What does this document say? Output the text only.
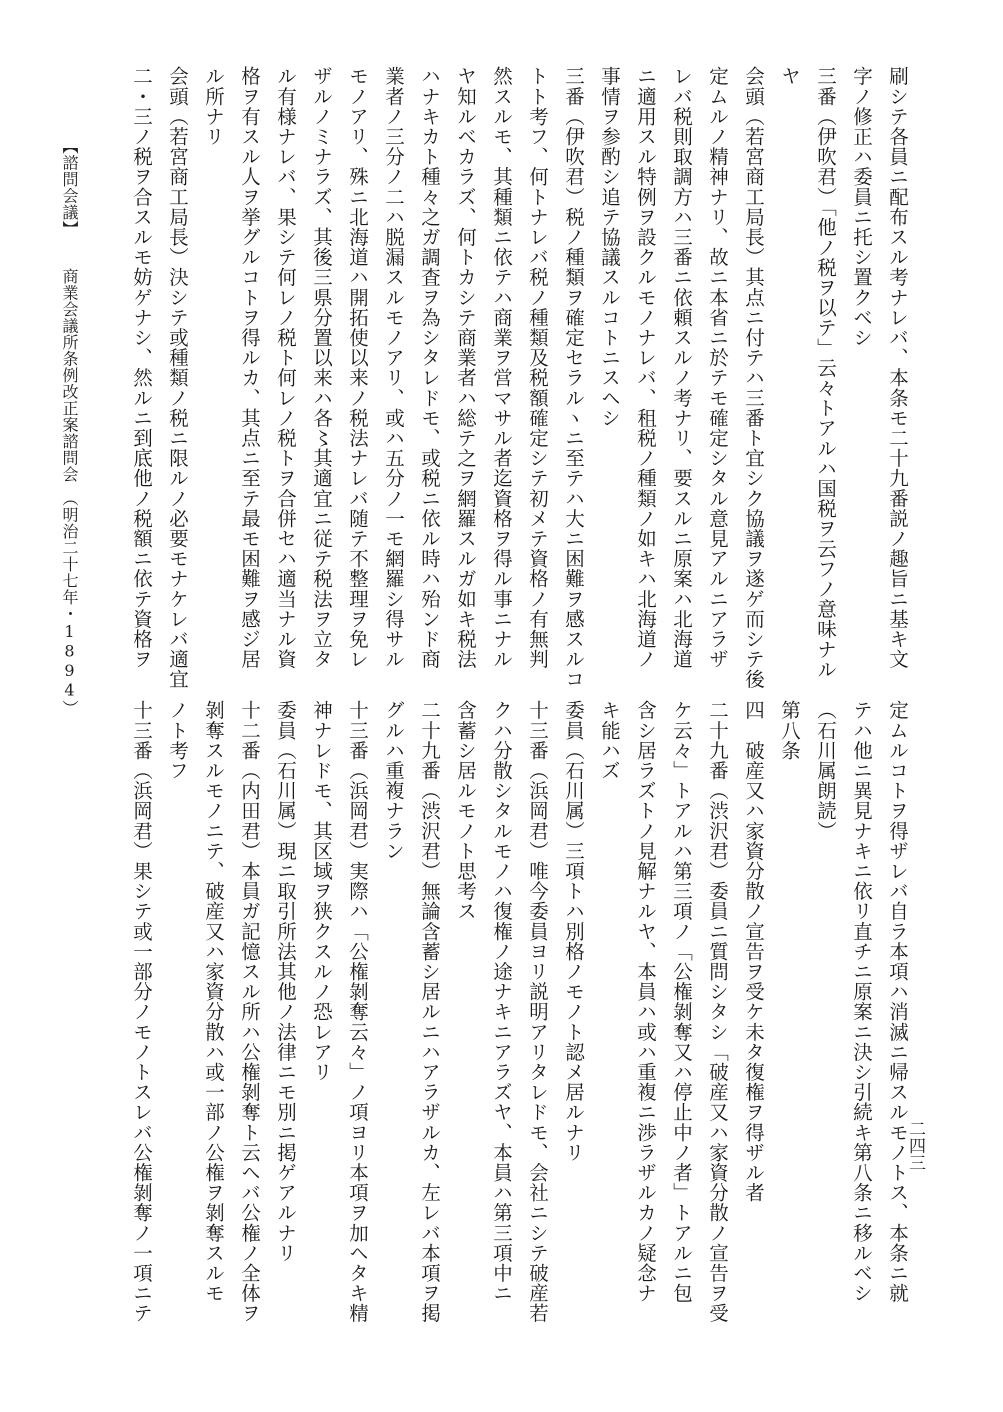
刷シテ各員ニ配布スル考ナレバ、本条モ二十九番説ノ趣旨ニ基キ文
字ノ修正ハ委員ニ托シ置クベシ
三番（伊吹君）「他ノ税ヲ以テ」云々トアルハ国税ヲ云フノ意味ナル
ヤ
会頭（若宮商工局長）其点ニ付テハ三番ト宜シク協議ヲ遂ゲ而シテ後
定ムルノ精神ナリ、故ニ本省ニ於テモ確定シタル意見アルニアラザ
レバ税則取調方ハ三番ニ依頼スルノ考ナリ、要スルニ原案ハ北海道
ニ適用スル特例ヲ設クルモノナレバ、租税ノ種類ノ如キハ北海道ノ
事情ヲ参酌シ追テ協議スルコトニスヘシ
三番（伊吹君）税ノ種類ヲ確定セラルヽニ至テハ大ニ困難ヲ感スルコ
トト考フ、何トナレバ税ノ種類及税額確定シテ初メテ資格ノ有無判
然スルモ、其種類ニ依テハ商業ヲ営マサル者迄資格ヲ得ル事ニナル
ヤ知ルベカラズ、何トカシテ商業者ハ総テ之ヲ網羅スルガ如キ税法
ハナキカト種々之ガ調査ヲ為シタレドモ、或税ニ依ル時ハ殆ンド商
業者ノ三分ノ二ハ脱漏スルモノアリ、或ハ五分ノ一モ網羅シ得サル
モノアリ、殊ニ北海道ハ開拓使以来ノ税法ナレバ随テ不整理ヲ免レ
ザルノミナラズ、其後三県分置以来ハ各〻其適宜ニ従テ税法ヲ立タ
ル有様ナレバ、果シテ何レノ税ト何レノ税トヲ合併セハ適当ナル資
格ヲ有スル人ヲ挙グルコトヲ得ルカ、其点ニ至テ最モ困難ヲ感ジ居
ル所ナリ
会頭（若宮商工局長）決シテ或種類ノ税ニ限ルノ必要モナケレバ適宜
二・三ノ税ヲ合スルモ妨ゲナシ、然ルニ到底他ノ税額ニ依テ資格ヲ
定ムルコトヲ得ザレバ自ラ本項ハ消滅ニ帰スルモノトス、本条ニ就
テハ他ニ異見ナキニ依リ直チニ原案ニ決シ引続キ第八条ニ移ルベシ
（石川属朗読）
第八条
四　破産又ハ家資分散ノ宣告ヲ受ケ未タ復権ヲ得ザル者
二十九番（渋沢君）委員ニ質問シタシ「破産又ハ家資分散ノ宣告ヲ受
ケ云々」トアルハ第三項ノ「公権剝奪又ハ停止中ノ者」トアルニ包
含シ居ラズトノ見解ナルヤ、本員ハ或ハ重複ニ渉ラザルカノ疑念ナ
キ能ハズ
委員（石川属）三項トハ別格ノモノト認メ居ルナリ
十三番（浜岡君）唯今委員ヨリ説明アリタレドモ、会社ニシテ破産若
クハ分散シタルモノハ復権ノ途ナキニアラズヤ、本員ハ第三項中ニ
含蓄シ居ルモノト思考ス
二十九番（渋沢君）無論含蓄シ居ルニハアラザルカ、左レバ本項ヲ掲
グルハ重複ナラン
十三番（浜岡君）実際ハ「公権剝奪云々」ノ項ヨリ本項ヲ加ヘタキ精
神ナレドモ、其区域ヲ狭クスルノ恐レアリ
委員（石川属）現ニ取引所法其他ノ法律ニモ別ニ掲ゲアルナリ
十二番（内田君）本員ガ記憶スル所ハ公権剝奪ト云ヘバ公権ノ全体ヲ
剝奪スルモノニテ、破産又ハ家資分散ハ或一部ノ公権ヲ剝奪スルモ
ノト考フ
十三番（浜岡君）果シテ或一部分ノモノトスレバ公権剝奪ノ一項ニテ
【諮問会議】
商業会議所条例改正案諮問会
（明治二十七年・1894）
二四三
